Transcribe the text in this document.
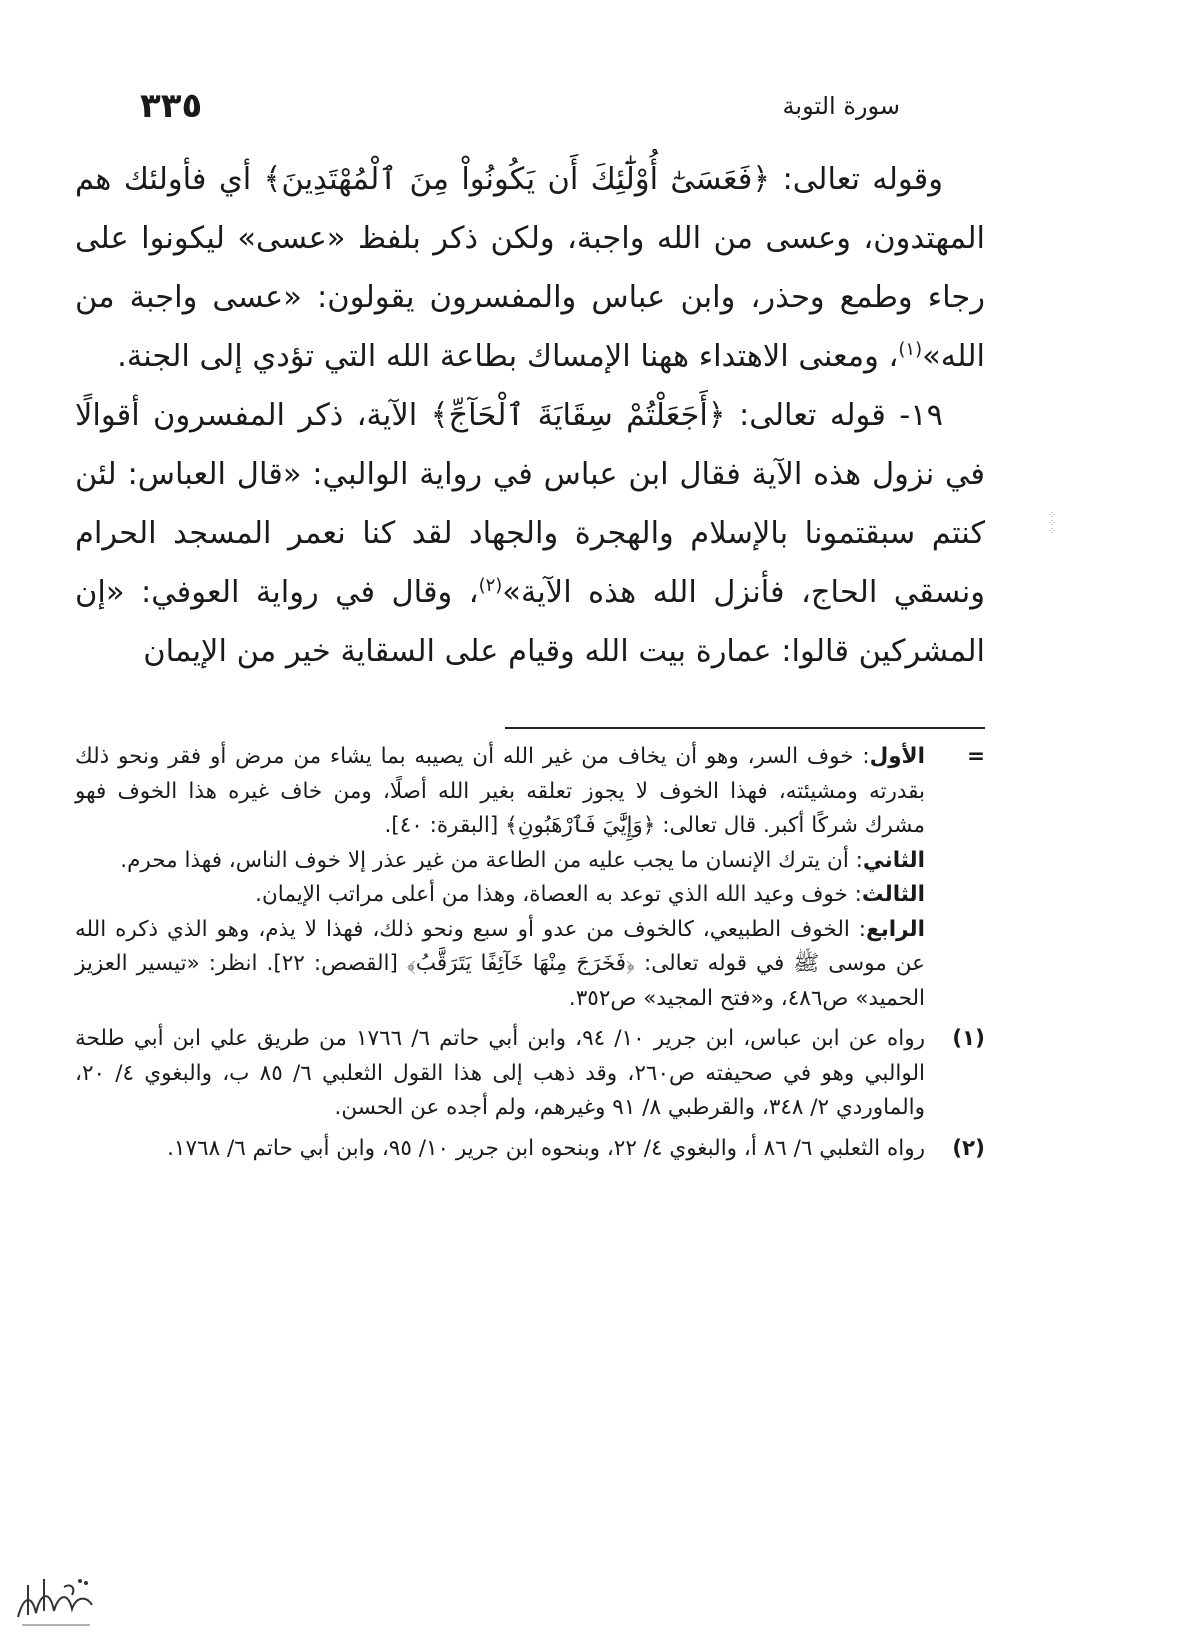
سورة التوبة
٣٣٥

وقوله تعالى: ﴿فَعَسَىٰٓ أُوْلَٰٓئِكَ أَن يَكُونُواْ مِنَ ٱلْمُهْتَدِينَ﴾ أي فأولئك هم المهتدون، وعسى من الله واجبة، ولكن ذكر بلفظ «عسى» ليكونوا على رجاء وطمع وحذر، وابن عباس والمفسرون يقولون: «عسى واجبة من الله»$^{(١)}$، ومعنى الاهتداء ههنا الإمساك بطاعة الله التي تؤدي إلى الجنة.

١٩- قوله تعالى: ﴿أَجَعَلْتُمْ سِقَايَةَ ٱلْحَآجِّ﴾ الآية، ذكر المفسرون أقوالًا في نزول هذه الآية فقال ابن عباس في رواية الوالبي: «قال العباس: لئن كنتم سبقتمونا بالإسلام والهجرة والجهاد لقد كنا نعمر المسجد الحرام ونسقي الحاج، فأنزل الله هذه الآية»$^{(٢)}$، وقال في رواية العوفي: «إن المشركين قالوا: عمارة بيت الله وقيام على السقاية خير من الإيمان

⁘
⁘
⁘
=

الأول: خوف السر، وهو أن يخاف من غير الله أن يصيبه بما يشاء من مرض أو فقر ونحو ذلك بقدرته ومشيئته، فهذا الخوف لا يجوز تعلقه بغير الله أصلًا، ومن خاف غيره هذا الخوف فهو مشرك شركًا أكبر. قال تعالى: ﴿وَإِيَّٰيَ فَٱرْهَبُونِ﴾ [البقرة: ٤٠].

الثاني: أن يترك الإنسان ما يجب عليه من الطاعة من غير عذر إلا خوف الناس، فهذا محرم.

الثالث: خوف وعيد الله الذي توعد به العصاة، وهذا من أعلى مراتب الإيمان.

الرابع: الخوف الطبيعي، كالخوف من عدو أو سبع ونحو ذلك، فهذا لا يذم، وهو الذي ذكره الله عن موسى ﷺ في قوله تعالى: ﴿فَخَرَجَ مِنْهَا خَآئِفًا يَتَرَقَّبُ﴾ [القصص: ٢٢]. انظر: «تيسير العزيز الحميد» ص٤٨٦، و«فتح المجيد» ص٣٥٢.

(١)

رواه عن ابن عباس، ابن جرير ١٠/ ٩٤، وابن أبي حاتم ٦/ ١٧٦٦ من طريق علي ابن أبي طلحة الوالبي وهو في صحيفته ص٢٦٠، وقد ذهب إلى هذا القول الثعلبي ٦/ ٨٥ ب، والبغوي ٤/ ٢٠، والماوردي ٢/ ٣٤٨، والقرطبي ٨/ ٩١ وغيرهم، ولم أجده عن الحسن.

(٢)

رواه الثعلبي ٦/ ٨٦ أ، والبغوي ٤/ ٢٢، وبنحوه ابن جرير ١٠/ ٩٥، وابن أبي حاتم ٦/ ١٧٦٨.
